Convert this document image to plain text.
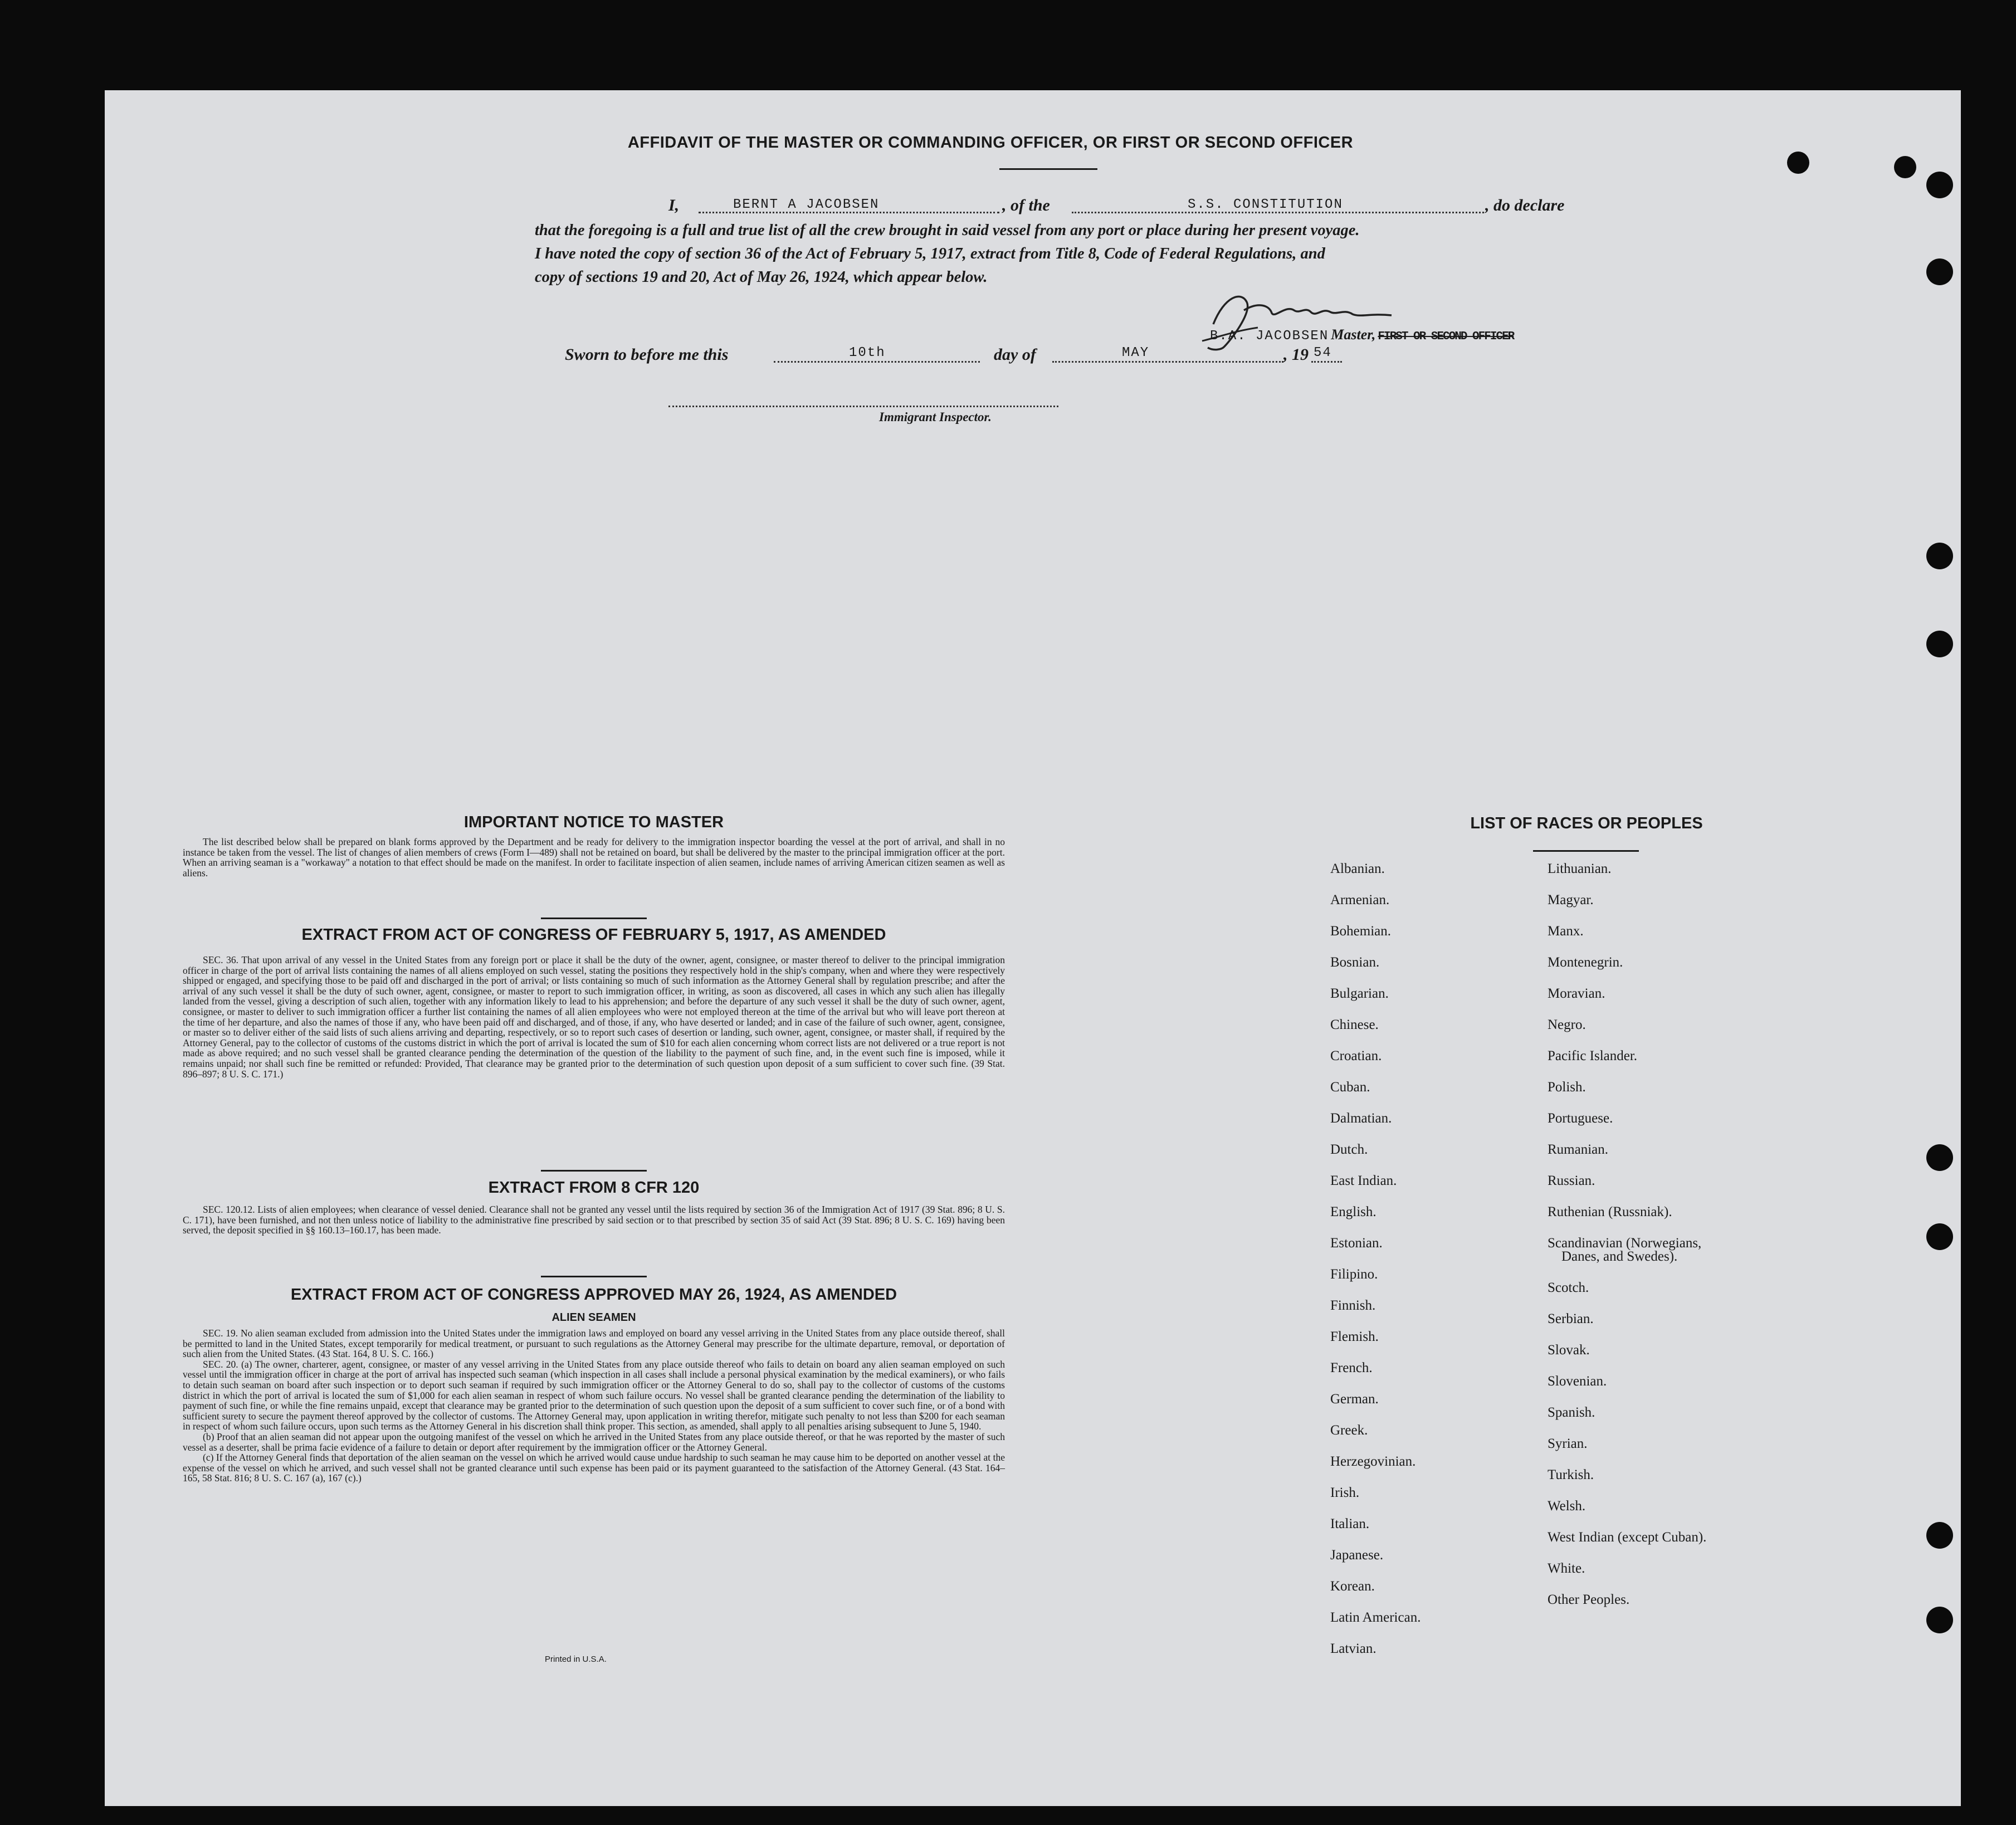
AFFIDAVIT OF THE MASTER OR COMMANDING OFFICER, OR FIRST OR SECOND OFFICER
I,	BERNT A JACOBSEN	, of the	S.S. CONSTITUTION	, do declare
that the foregoing is a full and true list of all the crew brought in said vessel from any port or place during her present voyage.
I have noted the copy of section 36 of the Act of February 5, 1917, extract from Title 8, Code of Federal Regulations, and
copy of sections 19 and 20, Act of May 26, 1924, which appear below.
B.A. JACOBSEN Master, FIRST OR SECOND OFFICER
Sworn to before me this	10th	day of	MAY	, 19 54
Immigrant Inspector.
IMPORTANT NOTICE TO MASTER

The list described below shall be prepared on blank forms approved by the Department and be ready for delivery to the immigration inspector boarding the vessel at the port of arrival, and shall in no instance be taken from the vessel. The list of changes of alien members of crews (Form I—489) shall not be retained on board, but shall be delivered by the master to the principal immigration officer at the port. When an arriving seaman is a "workaway" a notation to that effect should be made on the manifest. In order to facilitate inspection of alien seamen, include names of arriving American citizen seamen as well as aliens.

EXTRACT FROM ACT OF CONGRESS OF FEBRUARY 5, 1917, AS AMENDED

SEC. 36. That upon arrival of any vessel in the United States from any foreign port or place it shall be the duty of the owner, agent, consignee, or master thereof to deliver to the principal immigration officer in charge of the port of arrival lists containing the names of all aliens employed on such vessel, stating the positions they respectively hold in the ship's company, when and where they were respectively shipped or engaged, and specifying those to be paid off and discharged in the port of arrival; or lists containing so much of such information as the Attorney General shall by regulation prescribe; and after the arrival of any such vessel it shall be the duty of such owner, agent, consignee, or master to report to such immigration officer, in writing, as soon as discovered, all cases in which any such alien has illegally landed from the vessel, giving a description of such alien, together with any information likely to lead to his apprehension; and before the departure of any such vessel it shall be the duty of such owner, agent, consignee, or master to deliver to such immigration officer a further list containing the names of all alien employees who were not employed thereon at the time of the arrival but who will leave port thereon at the time of her departure, and also the names of those if any, who have been paid off and discharged, and of those, if any, who have deserted or landed; and in case of the failure of such owner, agent, consignee, or master so to deliver either of the said lists of such aliens arriving and departing, respectively, or so to report such cases of desertion or landing, such owner, agent, consignee, or master shall, if required by the Attorney General, pay to the collector of customs of the customs district in which the port of arrival is located the sum of $10 for each alien concerning whom correct lists are not delivered or a true report is not made as above required; and no such vessel shall be granted clearance pending the determination of the question of the liability to the payment of such fine, and, in the event such fine is imposed, while it remains unpaid; nor shall such fine be remitted or refunded: Provided, That clearance may be granted prior to the determination of such question upon deposit of a sum sufficient to cover such fine. (39 Stat. 896–897; 8 U. S. C. 171.)

EXTRACT FROM 8 CFR 120

SEC. 120.12. Lists of alien employees; when clearance of vessel denied. Clearance shall not be granted any vessel until the lists required by section 36 of the Immigration Act of 1917 (39 Stat. 896; 8 U. S. C. 171), have been furnished, and not then unless notice of liability to the administrative fine prescribed by said section or to that prescribed by section 35 of said Act (39 Stat. 896; 8 U. S. C. 169) having been served, the deposit specified in §§ 160.13–160.17, has been made.

EXTRACT FROM ACT OF CONGRESS APPROVED MAY 26, 1924, AS AMENDED
ALIEN SEAMEN

SEC. 19. No alien seaman excluded from admission into the United States under the immigration laws and employed on board any vessel arriving in the United States from any place outside thereof, shall be permitted to land in the United States, except temporarily for medical treatment, or pursuant to such regulations as the Attorney General may prescribe for the ultimate departure, removal, or deportation of such alien from the United States. (43 Stat. 164, 8 U. S. C. 166.)

SEC. 20. (a) The owner, charterer, agent, consignee, or master of any vessel arriving in the United States from any place outside thereof who fails to detain on board any alien seaman employed on such vessel until the immigration officer in charge at the port of arrival has inspected such seaman (which inspection in all cases shall include a personal physical examination by the medical examiners), or who fails to detain such seaman on board after such inspection or to deport such seaman if required by such immigration officer or the Attorney General to do so, shall pay to the collector of customs of the customs district in which the port of arrival is located the sum of $1,000 for each alien seaman in respect of whom such failure occurs. No vessel shall be granted clearance pending the determination of the liability to payment of such fine, or while the fine remains unpaid, except that clearance may be granted prior to the determination of such question upon the deposit of a sum sufficient to cover such fine, or of a bond with sufficient surety to secure the payment thereof approved by the collector of customs. The Attorney General may, upon application in writing therefor, mitigate such penalty to not less than $200 for each seaman in respect of whom such failure occurs, upon such terms as the Attorney General in his discretion shall think proper. This section, as amended, shall apply to all penalties arising subsequent to June 5, 1940.

(b) Proof that an alien seaman did not appear upon the outgoing manifest of the vessel on which he arrived in the United States from any place outside thereof, or that he was reported by the master of such vessel as a deserter, shall be prima facie evidence of a failure to detain or deport after requirement by the immigration officer or the Attorney General.

(c) If the Attorney General finds that deportation of the alien seaman on the vessel on which he arrived would cause undue hardship to such seaman he may cause him to be deported on another vessel at the expense of the vessel on which he arrived, and such vessel shall not be granted clearance until such expense has been paid or its payment guaranteed to the satisfaction of the Attorney General. (43 Stat. 164–165, 58 Stat. 816; 8 U. S. C. 167 (a), 167 (c).)

Printed in U.S.A.
LIST OF RACES OR PEOPLES
Albanian.
Armenian.
Bohemian.
Bosnian.
Bulgarian.
Chinese.
Croatian.
Cuban.
Dalmatian.
Dutch.
East Indian.
English.
Estonian.
Filipino.
Finnish.
Flemish.
French.
German.
Greek.
Herzegovinian.
Irish.
Italian.
Japanese.
Korean.
Latin American.
Latvian.
Lithuanian.
Magyar.
Manx.
Montenegrin.
Moravian.
Negro.
Pacific Islander.
Polish.
Portuguese.
Rumanian.
Russian.
Ruthenian (Russniak).
Scandinavian (Norwegians,
Danes, and Swedes).
Scotch.
Serbian.
Slovak.
Slovenian.
Spanish.
Syrian.
Turkish.
Welsh.
West Indian (except Cuban).
White.
Other Peoples.
